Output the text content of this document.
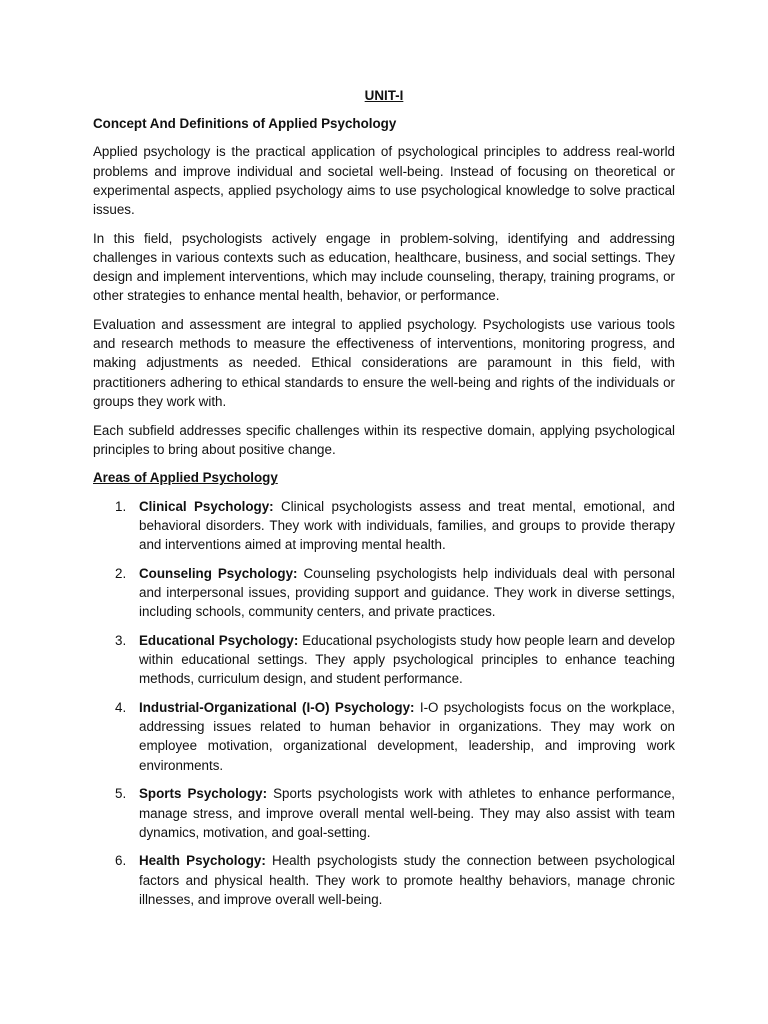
UNIT-I
Concept And Definitions of Applied Psychology

Applied psychology is the practical application of psychological principles to address real-world problems and improve individual and societal well-being. Instead of focusing on theoretical or experimental aspects, applied psychology aims to use psychological knowledge to solve practical issues.

In this field, psychologists actively engage in problem-solving, identifying and addressing challenges in various contexts such as education, healthcare, business, and social settings. They design and implement interventions, which may include counseling, therapy, training programs, or other strategies to enhance mental health, behavior, or performance.

Evaluation and assessment are integral to applied psychology. Psychologists use various tools and research methods to measure the effectiveness of interventions, monitoring progress, and making adjustments as needed. Ethical considerations are paramount in this field, with practitioners adhering to ethical standards to ensure the well-being and rights of the individuals or groups they work with.

Each subfield addresses specific challenges within its respective domain, applying psychological principles to bring about positive change.

Areas of Applied Psychology
1. Clinical Psychology: Clinical psychologists assess and treat mental, emotional, and behavioral disorders. They work with individuals, families, and groups to provide therapy and interventions aimed at improving mental health.
2. Counseling Psychology: Counseling psychologists help individuals deal with personal and interpersonal issues, providing support and guidance. They work in diverse settings, including schools, community centers, and private practices.
3. Educational Psychology: Educational psychologists study how people learn and develop within educational settings. They apply psychological principles to enhance teaching methods, curriculum design, and student performance.
4. Industrial-Organizational (I-O) Psychology: I-O psychologists focus on the workplace, addressing issues related to human behavior in organizations. They may work on employee motivation, organizational development, leadership, and improving work environments.
5. Sports Psychology: Sports psychologists work with athletes to enhance performance, manage stress, and improve overall mental well-being. They may also assist with team dynamics, motivation, and goal-setting.
6. Health Psychology: Health psychologists study the connection between psychological factors and physical health. They work to promote healthy behaviors, manage chronic illnesses, and improve overall well-being.
